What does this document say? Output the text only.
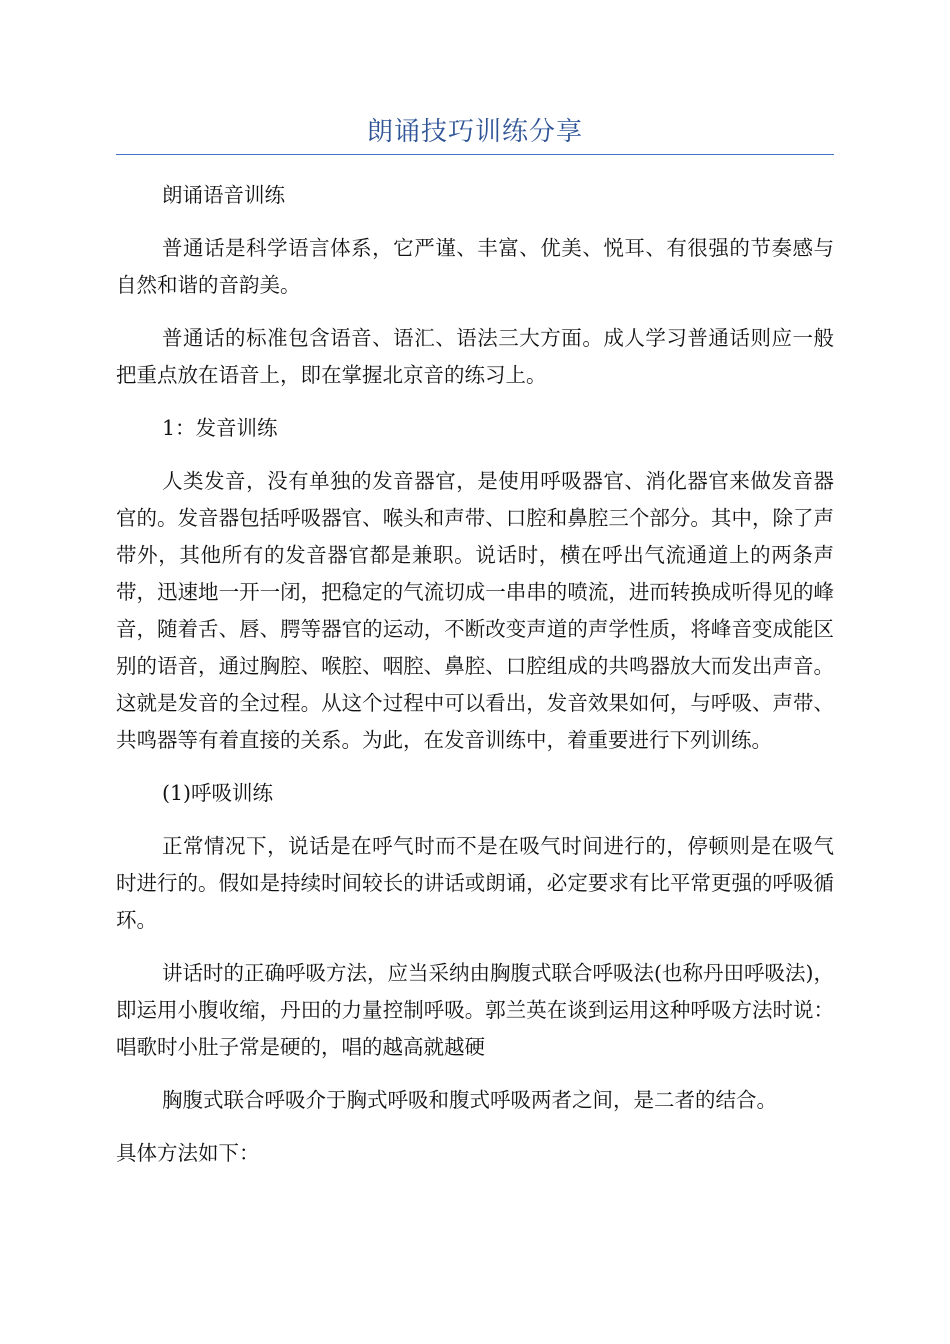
朗诵技巧训练分享

朗诵语音训练

普通话是科学语言体系，它严谨、丰富、优美、悦耳、有很强的节奏感与自然和谐的音韵美。

普通话的标准包含语音、语汇、语法三大方面。成人学习普通话则应一般把重点放在语音上，即在掌握北京音的练习上。

1：发音训练

人类发音，没有单独的发音器官，是使用呼吸器官、消化器官来做发音器官的。发音器包括呼吸器官、喉头和声带、口腔和鼻腔三个部分。其中，除了声带外，其他所有的发音器官都是兼职。说话时，横在呼出气流通道上的两条声带，迅速地一开一闭，把稳定的气流切成一串串的喷流，进而转换成听得见的峰音，随着舌、唇、腭等器官的运动，不断改变声道的声学性质，将峰音变成能区别的语音，通过胸腔、喉腔、咽腔、鼻腔、口腔组成的共鸣器放大而发出声音。这就是发音的全过程。从这个过程中可以看出，发音效果如何，与呼吸、声带、共鸣器等有着直接的关系。为此，在发音训练中，着重要进行下列训练。

(1)呼吸训练

正常情况下，说话是在呼气时而不是在吸气时间进行的，停顿则是在吸气时进行的。假如是持续时间较长的讲话或朗诵，必定要求有比平常更强的呼吸循环。

讲话时的正确呼吸方法，应当采纳由胸腹式联合呼吸法(也称丹田呼吸法)，即运用小腹收缩，丹田的力量控制呼吸。郭兰英在谈到运用这种呼吸方法时说：唱歌时小肚子常是硬的，唱的越高就越硬

胸腹式联合呼吸介于胸式呼吸和腹式呼吸两者之间，是二者的结合。

具体方法如下：
